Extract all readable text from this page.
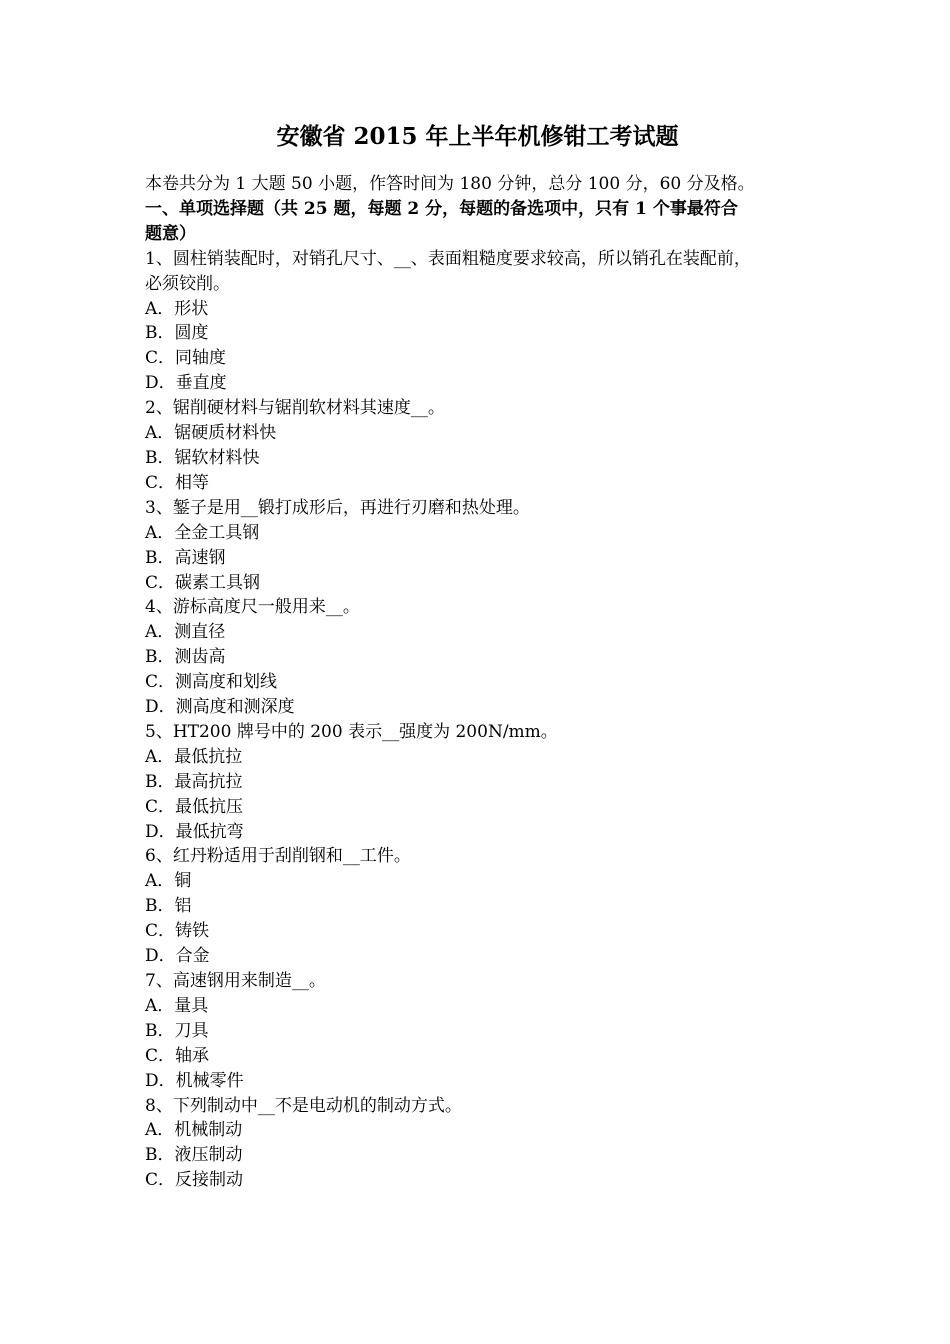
安徽省 2015 年上半年机修钳工考试题
本卷共分为 1 大题 50 小题，作答时间为 180 分钟，总分 100 分，60 分及格。
一、单项选择题（共 25 题，每题 2 分，每题的备选项中，只有 1 个事最符合
题意）
1、圆柱销装配时，对销孔尺寸、__、表面粗糙度要求较高，所以销孔在装配前，
必须铰削。
A．形状
B．圆度
C．同轴度
D．垂直度
2、锯削硬材料与锯削软材料其速度__。
A．锯硬质材料快
B．锯软材料快
C．相等
3、錾子是用__锻打成形后，再进行刃磨和热处理。
A．全金工具钢
B．高速钢
C．碳素工具钢
4、游标高度尺一般用来__。
A．测直径
B．测齿高
C．测高度和划线
D．测高度和测深度
5、HT200 牌号中的 200 表示__强度为 200N/mm。
A．最低抗拉
B．最高抗拉
C．最低抗压
D．最低抗弯
6、红丹粉适用于刮削钢和__工件。
A．铜
B．铝
C．铸铁
D．合金
7、高速钢用来制造__。
A．量具
B．刀具
C．轴承
D．机械零件
8、下列制动中__不是电动机的制动方式。
A．机械制动
B．液压制动
C．反接制动
